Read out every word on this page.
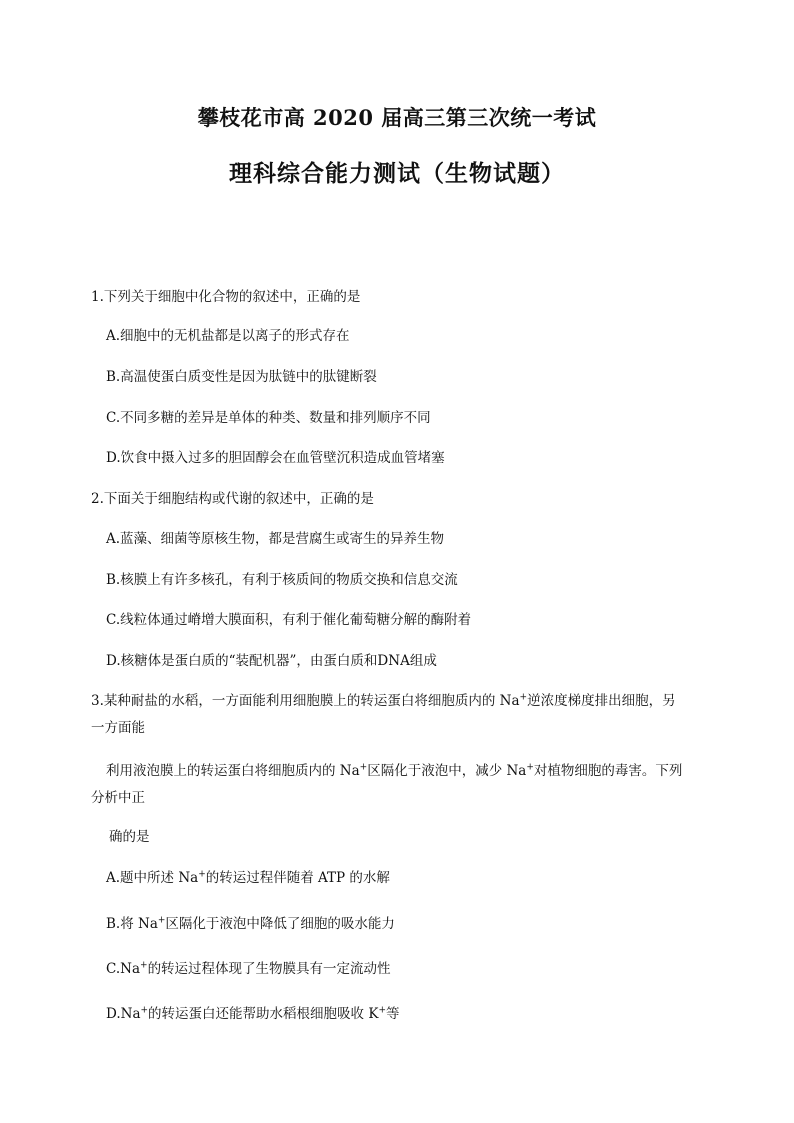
攀枝花市高 2020 届高三第三次统一考试
理科综合能力测试（生物试题）
1.下列关于细胞中化合物的叙述中，正确的是
A.细胞中的无机盐都是以离子的形式存在
B.高温使蛋白质变性是因为肽链中的肽键断裂
C.不同多糖的差异是单体的种类、数量和排列顺序不同
D.饮食中摄入过多的胆固醇会在血管壁沉积造成血管堵塞
2.下面关于细胞结构或代谢的叙述中，正确的是
A.蓝藻、细菌等原核生物，都是营腐生或寄生的异养生物
B.核膜上有许多核孔，有利于核质间的物质交换和信息交流
C.线粒体通过嵴增大膜面积，有利于催化葡萄糖分解的酶附着
D.核糖体是蛋白质的“装配机器”，由蛋白质和DNA组成
3.某种耐盐的水稻，一方面能利用细胞膜上的转运蛋白将细胞质内的 Na+逆浓度梯度排出细胞，另
一方面能
利用液泡膜上的转运蛋白将细胞质内的 Na+区隔化于液泡中，减少 Na+对植物细胞的毒害。下列
分析中正
确的是
A.题中所述 Na+的转运过程伴随着 ATP 的水解
B.将 Na+区隔化于液泡中降低了细胞的吸水能力
C.Na+的转运过程体现了生物膜具有一定流动性
D.Na+的转运蛋白还能帮助水稻根细胞吸收 K+等
